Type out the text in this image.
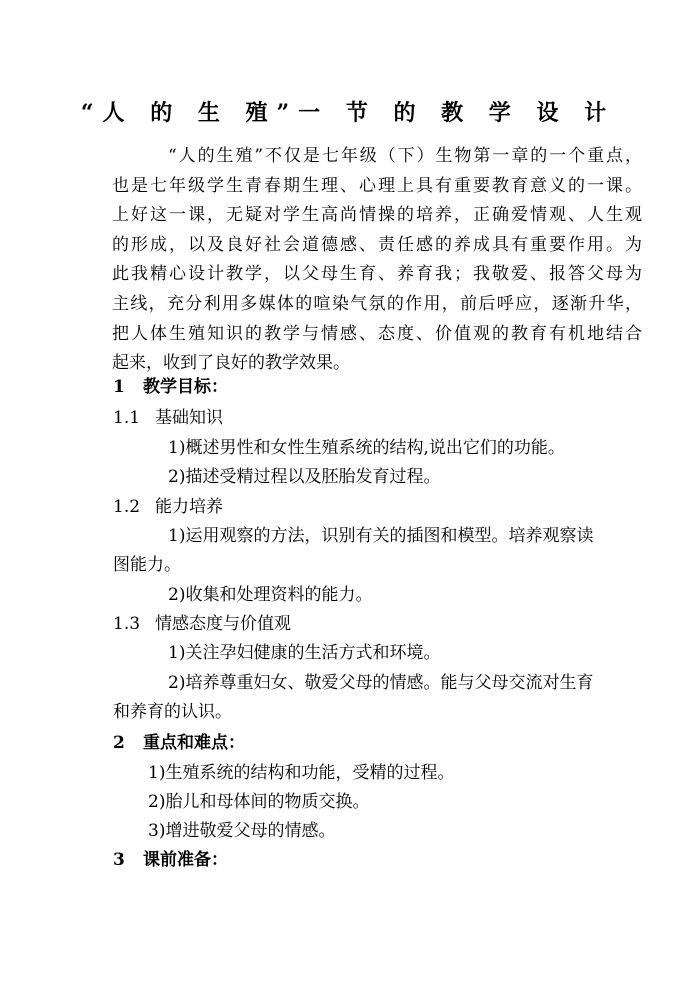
“人 的 生 殖”一 节 的 教 学 设 计
“人的生殖”不仅是七年级（下）生物第一章的一个重点，
也是七年级学生青春期生理、心理上具有重要教育意义的一课。
上好这一课，无疑对学生高尚情操的培养，正确爱情观、人生观
的形成，以及良好社会道德感、责任感的养成具有重要作用。为
此我精心设计教学，以父母生育、养育我；我敬爱、报答父母为
主线，充分利用多媒体的喧染气氛的作用，前后呼应，逐渐升华，
把人体生殖知识的教学与情感、态度、价值观的教育有机地结合
起来，收到了良好的教学效果。
1 教学目标：
1.1 基础知识
1)概述男性和女性生殖系统的结构,说出它们的功能。
2)描述受精过程以及胚胎发育过程。
1.2 能力培养
1)运用观察的方法，识别有关的插图和模型。培养观察读
图能力。
2)收集和处理资料的能力。
1.3 情感态度与价值观
1)关注孕妇健康的生活方式和环境。
2)培养尊重妇女、敬爱父母的情感。能与父母交流对生育
和养育的认识。
2 重点和难点：
1)生殖系统的结构和功能，受精的过程。
2)胎儿和母体间的物质交换。
3)增进敬爱父母的情感。
3 课前准备：
